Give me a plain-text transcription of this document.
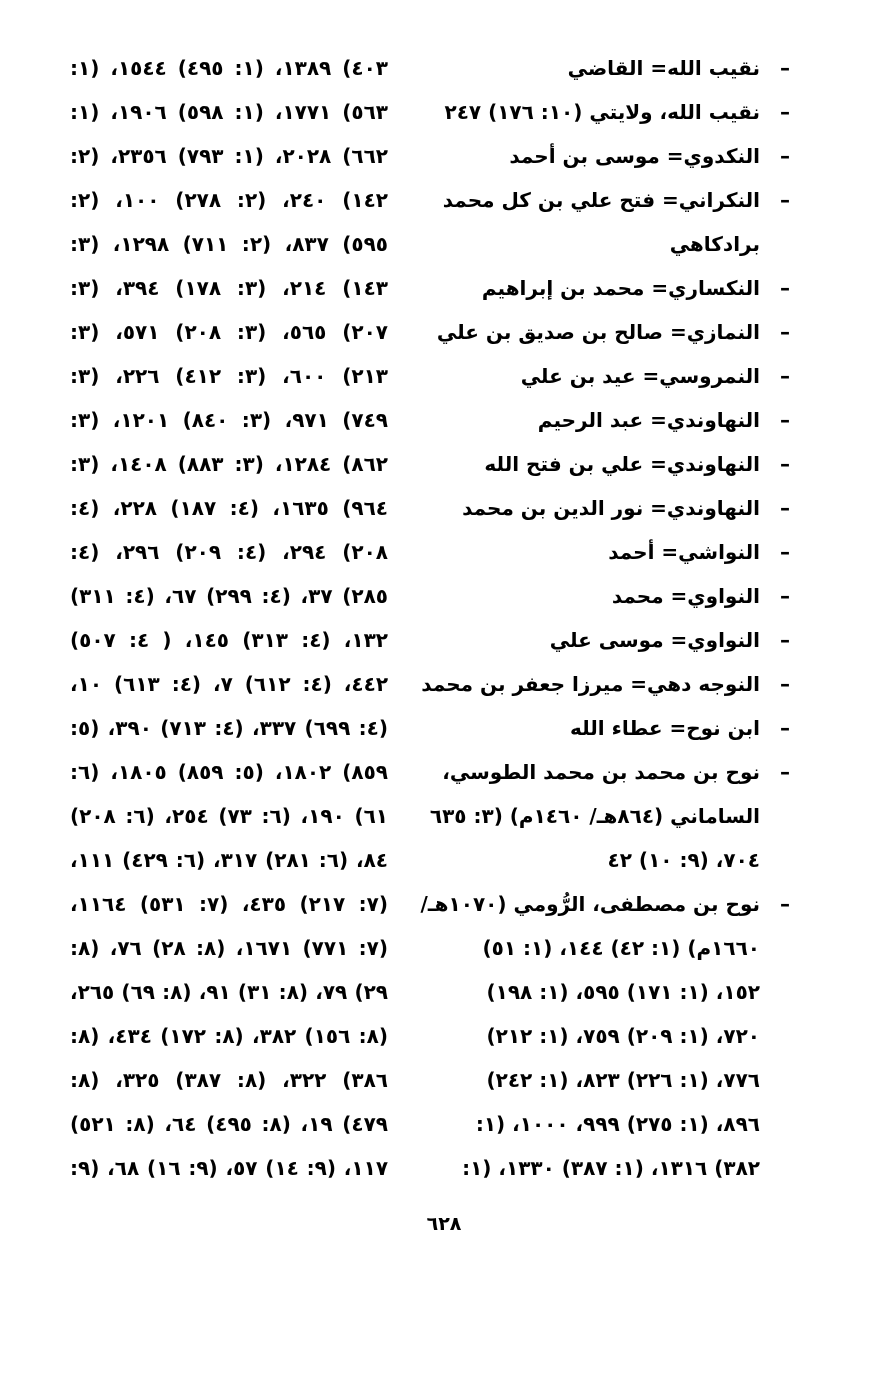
–
نقيب الله= القاضي
–
نقيب الله، ولايتي (١٠: ١٧٦) ٢٤٧
–
النكدوي= موسى بن أحمد
–
النكراني= فتح علي بن كل محمد
برادكاهي
–
النكساري= محمد بن إبراهيم
–
النمازي= صالح بن صديق بن علي
–
النمروسي= عيد بن علي
–
النهاوندي= عبد الرحيم
–
النهاوندي= علي بن فتح الله
–
النهاوندي= نور الدين بن محمد
–
النواشي= أحمد
–
النواوي= محمد
–
النواوي= موسى علي
–
النوجه دهي= ميرزا جعفر بن محمد
–
ابن نوح= عطاء الله
–
نوح بن محمد بن محمد الطوسي،
الساماني (٨٦٤هـ/ ١٤٦٠م) (٣: ٦٣٥
٧٠٤، (٩: ١٠) ٤٢
–
نوح بن مصطفى، الرُّومي (١٠٧٠هـ/
١٦٦٠م) (١: ٤٢) ١٤٤، (١: ٥١)
١٥٢، (١: ١٧١) ٥٩٥، (١: ١٩٨)
٧٢٠، (١: ٢٠٩) ٧٥٩، (١: ٢١٢)
٧٧٦، (١: ٢٢٦) ٨٢٣، (١: ٢٤٢)
٨٩٦، (١: ٢٧٥) ٩٩٩، ١٠٠٠، (١:
٣٨٢) ١٣١٦، (١: ٣٨٧) ١٣٣٠، (١:
٤٠٣) ١٣٨٩، (١: ٤٩٥) ١٥٤٤، (١:
٥٦٣) ١٧٧١، (١: ٥٩٨) ١٩٠٦، (١:
٦٦٢) ٢٠٢٨، (١: ٧٩٣) ٢٣٥٦، (٢:
١٤٢) ٢٤٠، (٢: ٢٧٨) ١٠٠، (٢:
٥٩٥) ٨٣٧، (٢: ٧١١) ١٢٩٨، (٣:
١٤٣) ٢١٤، (٣: ١٧٨) ٣٩٤، (٣:
٢٠٧) ٥٦٥، (٣: ٢٠٨) ٥٧١، (٣:
٢١٣) ٦٠٠، (٣: ٤١٢) ٢٢٦، (٣:
٧٤٩) ٩٧١، (٣: ٨٤٠) ١٢٠١، (٣:
٨٦٢) ١٢٨٤، (٣: ٨٨٣) ١٤٠٨، (٣:
٩٦٤) ١٦٣٥، (٤: ١٨٧) ٢٢٨، (٤:
٢٠٨) ٢٩٤، (٤: ٢٠٩) ٢٩٦، (٤:
٢٨٥) ٣٧، (٤: ٢٩٩) ٦٧، (٤: ٣١١)
١٣٢، (٤: ٣١٣) ١٤٥، ( ٤: ٥٠٧)
٤٤٢، (٤: ٦١٢) ٧، (٤: ٦١٣) ١٠،
(٤: ٦٩٩) ٣٣٧، (٤: ٧١٣) ٣٩٠، (٥:
٨٥٩) ١٨٠٢، (٥: ٨٥٩) ١٨٠٥، (٦:
٦١) ١٩٠، (٦: ٧٣) ٢٥٤، (٦: ٢٠٨)
٨٤، (٦: ٢٨١) ٣١٧، (٦: ٤٢٩) ١١١،
(٧: ٢١٧) ٤٣٥، (٧: ٥٣١) ١١٦٤،
(٧: ٧٧١) ١٦٧١، (٨: ٢٨) ٧٦، (٨:
٢٩) ٧٩، (٨: ٣١) ٩١، (٨: ٦٩) ٢٦٥،
(٨: ١٥٦) ٣٨٢، (٨: ١٧٢) ٤٣٤، (٨:
٣٨٦) ٣٢٢، (٨: ٣٨٧) ٣٢٥، (٨:
٤٧٩) ١٩، (٨: ٤٩٥) ٦٤، (٨: ٥٢١)
١١٧، (٩: ١٤) ٥٧، (٩: ١٦) ٦٨، (٩:
٦٢٨
